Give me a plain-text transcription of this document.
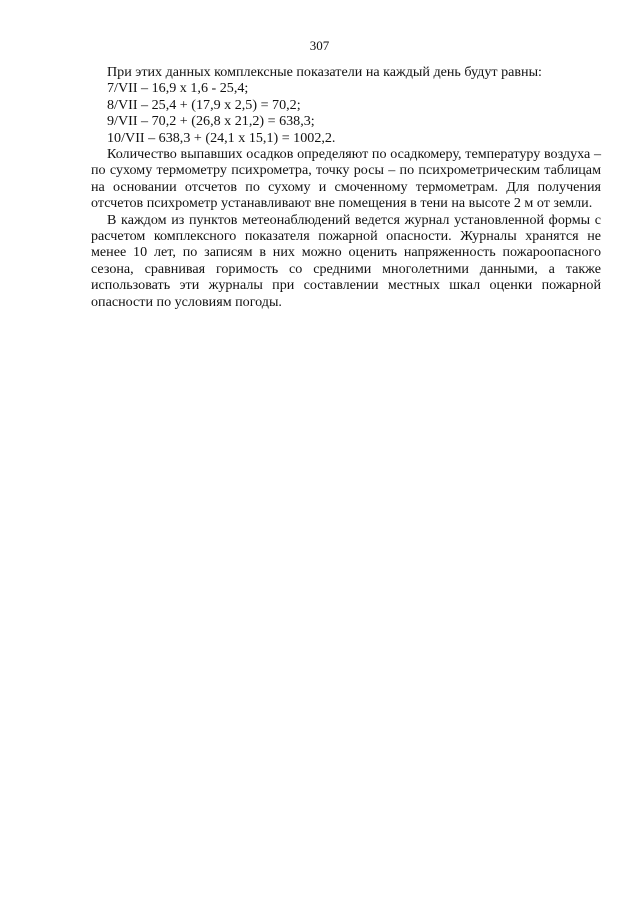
307
При этих данных комплексные показатели на каждый день будут равны:
7/VII – 16,9 х 1,6 - 25,4;
8/VII – 25,4 + (17,9 х 2,5) = 70,2;
9/VII – 70,2 + (26,8 х 21,2) = 638,3;
10/VII – 638,3 + (24,1 х 15,1) = 1002,2.

Количество выпавших осадков определяют по осадкомеру, температуру воздуха – по сухому термометру психрометра, точку росы – по психрометрическим таблицам на основании отсчетов по сухому и смоченному термометрам. Для получения отсчетов психрометр устанавливают вне помещения в тени на высоте 2 м от земли.

В каждом из пунктов метеонаблюдений ведется журнал установленной формы с расчетом комплексного показателя пожарной опасности. Журналы хранятся не менее 10 лет, по записям в них можно оценить напряженность пожароопасного сезона, сравнивая горимость со средними многолетними данными, а также использовать эти журналы при составлении местных шкал оценки пожарной опасности по условиям погоды.
